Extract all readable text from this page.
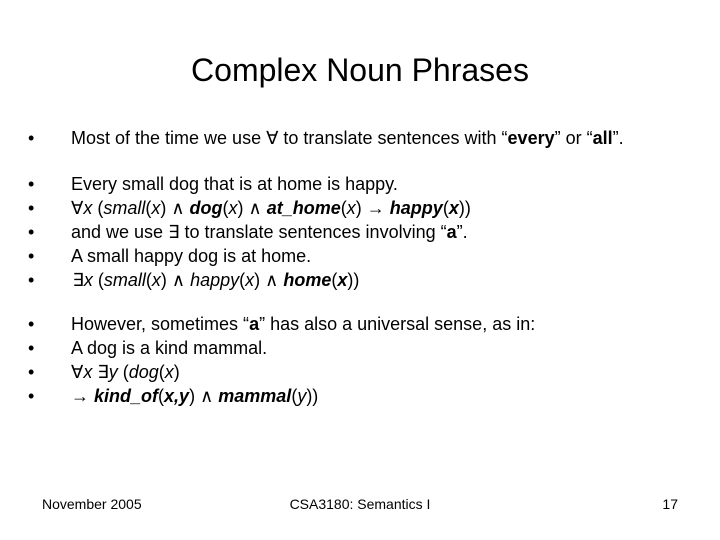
Complex Noun Phrases
•	Most of the time we use ∀ to translate sentences with “every” or “all”.
•	Every small dog that is at home is happy.
•	∀x (small(x) ∧ dog(x) ∧ at_home(x) → happy(x))
•	and we use ∃ to translate sentences involving “a”.
•	A small happy dog is at home.
•
 	∃x (small(x) ∧ happy(x) ∧ home(x))
•	However, sometimes “a” has also a universal sense, as in:
•	A dog is a kind mammal.
•	∀x ∃y (dog(x)
•	→ kind_of(x,y) ∧ mammal(y))
November 2005	CSA3180: Semantics I	17
